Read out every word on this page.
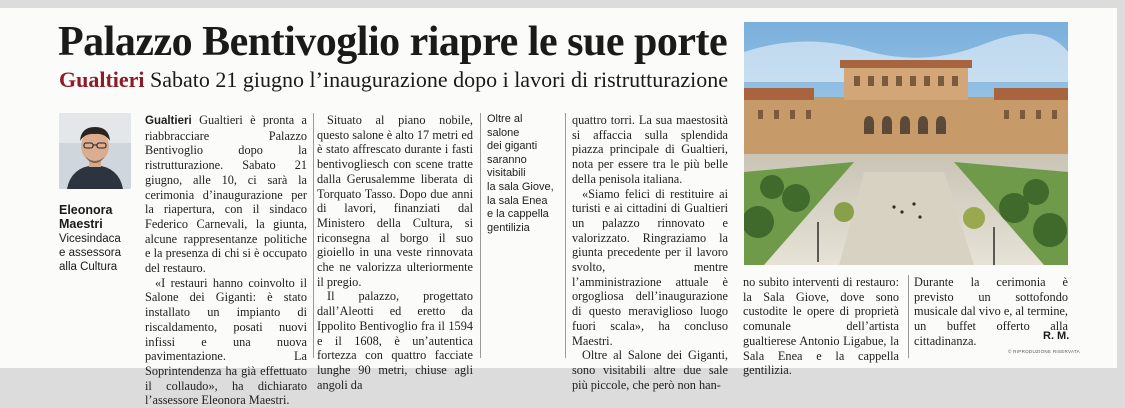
Palazzo Bentivoglio riapre le sue porte
Gualtieri Sabato 21 giugno l’inaugurazione dopo i lavori di ristrutturazione
Eleonora
Maestri
Vicesindaca
e assessora
alla Cultura

Gualtieri Gualtieri è pronta a riabbracciare Palazzo Bentivoglio dopo la ristrutturazione. Sabato 21 giugno, alle 10, ci sarà la cerimonia d’inaugurazione per la riapertura, con il sindaco Federico Carnevali, la giunta, alcune rappresentanze politiche e la presenza di chi si è occupato del restauro.

«I restauri hanno coinvolto il Salone dei Giganti: è stato installato un impianto di riscaldamento, posati nuovi infissi e una nuova pavimentazione. La Soprintendenza ha già effettuato il collaudo», ha dichiarato l’assessore Eleonora Maestri.

Situato al piano nobile, questo salone è alto 17 metri ed è stato affrescato durante i fasti bentivogliesch con scene tratte dalla Gerusalemme liberata di Torquato Tasso. Dopo due anni di lavori, finanziati dal Ministero della Cultura, si riconsegna al borgo il suo gioiello in una veste rinnovata che ne valorizza ulteriormente il pregio.

Il palazzo, progettato dall’Aleotti ed eretto da Ippolito Bentivoglio fra il 1594 e il 1608, è un’autentica fortezza con quattro facciate lunghe 90 metri, chiuse agli angoli da

Oltre al salone
dei giganti
saranno
visitabili
la sala Giove,
la sala Enea
e la cappella
gentilizia

quattro torri. La sua maestosità si affaccia sulla splendida piazza principale di Gualtieri, nota per essere tra le più belle della penisola italiana.

«Siamo felici di restituire ai turisti e ai cittadini di Gualtieri un palazzo rinnovato e valorizzato. Ringraziamo la giunta precedente per il lavoro svolto, mentre l’amministrazione attuale è orgogliosa dell’inaugurazione di questo meraviglioso luogo fuori scala», ha concluso Maestri.

Oltre al Salone dei Giganti, sono visitabili altre due sale più piccole, che però non han-

no subito interventi di restauro: la Sala Giove, dove sono custodite le opere di proprietà comunale dell’artista gualtierese Antonio Ligabue, la Sala Enea e la cappella gentilizia.

Durante la cerimonia è previsto un sottofondo musicale dal vivo e, al termine, un buffet offerto alla cittadinanza.	R. M.
© RIPRODUZIONE RISERVATA
